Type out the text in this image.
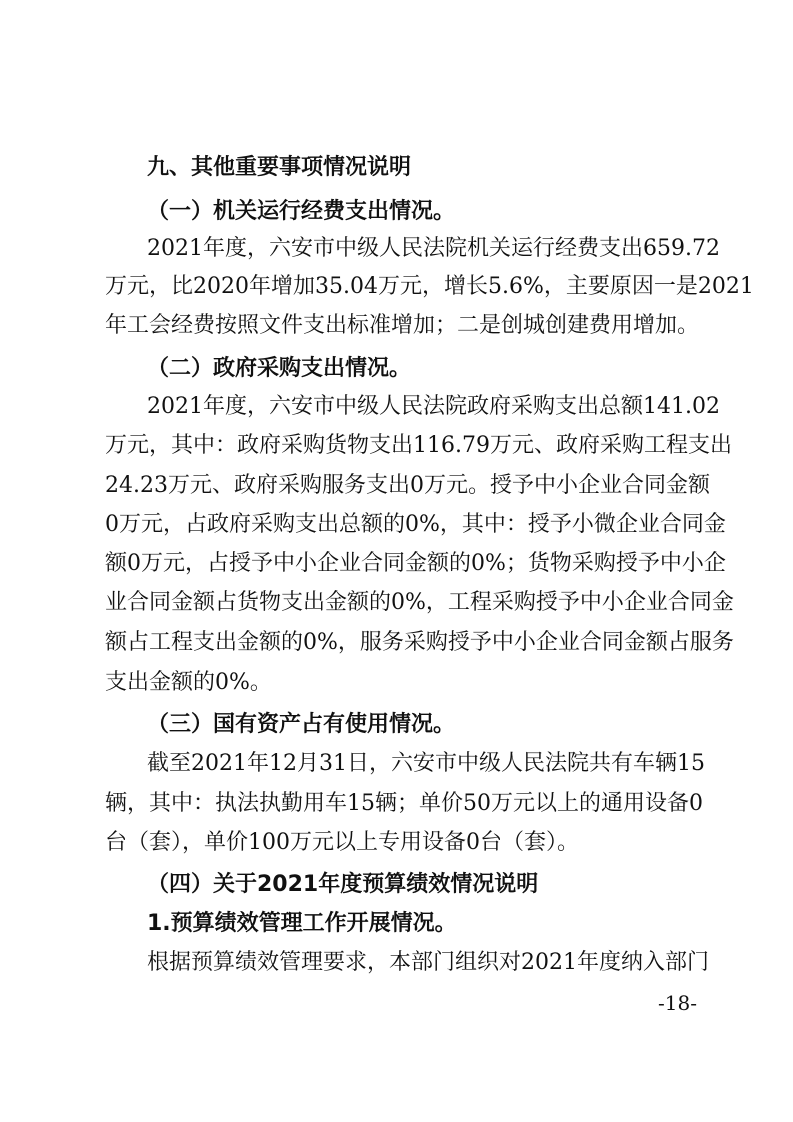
九、其他重要事项情况说明
（一）机关运行经费支出情况。
2021年度，六安市中级人民法院机关运行经费支出659.72
万元，比2020年增加35.04万元，增长5.6%，主要原因一是2021
年工会经费按照文件支出标准增加；二是创城创建费用增加。
（二）政府采购支出情况。
2021年度，六安市中级人民法院政府采购支出总额141.02
万元，其中：政府采购货物支出116.79万元、政府采购工程支出
24.23万元、政府采购服务支出0万元。授予中小企业合同金额
0万元，占政府采购支出总额的0%，其中：授予小微企业合同金
额0万元，占授予中小企业合同金额的0%；货物采购授予中小企
业合同金额占货物支出金额的0%，工程采购授予中小企业合同金
额占工程支出金额的0%，服务采购授予中小企业合同金额占服务
支出金额的0%。
（三）国有资产占有使用情况。
截至2021年12月31日，六安市中级人民法院共有车辆15
辆，其中：执法执勤用车15辆；单价50万元以上的通用设备0
台（套），单价100万元以上专用设备0台（套）。
（四）关于2021年度预算绩效情况说明
1.预算绩效管理工作开展情况。
根据预算绩效管理要求，本部门组织对2021年度纳入部门
-18-
